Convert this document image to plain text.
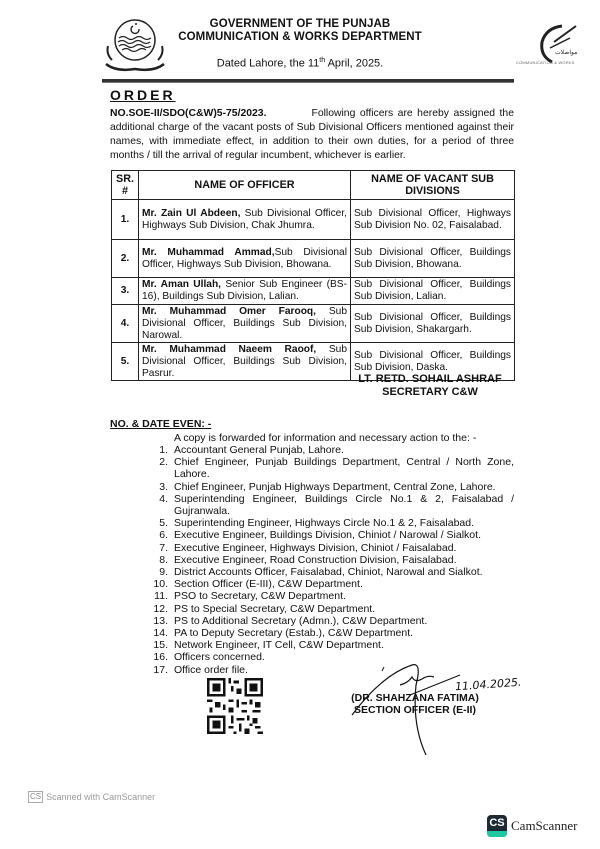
GOVERNMENT OF THE PUNJAB
COMMUNICATION & WORKS DEPARTMENT
Dated Lahore, the 11th April, 2025.
ﻣﻮاﺻﻼت
COMMUNICATION & WORKS
ORDER
NO.SOE-II/SDO(C&W)5-75/2023.	Following officers are hereby assigned the additional charge of the vacant posts of Sub Divisional Officers mentioned against their names, with immediate effect, in addition to their own duties, for a period of three months / till the arrival of regular incumbent, whichever is earlier.
SR. #	NAME OF OFFICER	NAME OF VACANT SUB DIVISIONS
1.	Mr. Zain Ul Abdeen, Sub Divisional Officer, Highways Sub Division, Chak Jhumra.	Sub Divisional Officer, Highways Sub Division No. 02, Faisalabad.
2.	Mr. Muhammad Ammad,Sub Divisional Officer, Highways Sub Division, Bhowana.	Sub Divisional Officer, Buildings Sub Division, Bhowana.
3.	Mr. Aman Ullah, Senior Sub Engineer (BS-16), Buildings Sub Division, Lalian.	Sub Divisional Officer, Buildings Sub Division, Lalian.
4.	Mr. Muhammad Omer Farooq, Sub Divisional Officer, Buildings Sub Division, Narowal.	Sub Divisional Officer, Buildings Sub Division, Shakargarh.
5.	Mr. Muhammad Naeem Raoof, Sub Divisional Officer, Buildings Sub Division, Pasrur.	Sub Divisional Officer, Buildings Sub Division, Daska.
LT. RETD. SOHAIL ASHRAF
SECRETARY C&W
NO. & DATE EVEN: -
A copy is forwarded for information and necessary action to the: -
1. Accountant General Punjab, Lahore.
2. Chief Engineer, Punjab Buildings Department, Central / North Zone, Lahore.
3. Chief Engineer, Punjab Highways Department, Central Zone, Lahore.
4. Superintending Engineer, Buildings Circle No.1 & 2, Faisalabad / Gujranwala.
5. Superintending Engineer, Highways Circle No.1 & 2, Faisalabad.
6. Executive Engineer, Buildings Division, Chiniot / Narowal / Sialkot.
7. Executive Engineer, Highways Division, Chiniot / Faisalabad.
8. Executive Engineer, Road Construction Division, Faisalabad.
9. District Accounts Officer, Faisalabad, Chiniot, Narowal and Sialkot.
10. Section Officer (E-III), C&W Department.
11. PSO to Secretary, C&W Department.
12. PS to Special Secretary, C&W Department.
13. PS to Additional Secretary (Admn.), C&W Department.
14. PA to Deputy Secretary (Estab.), C&W Department.
15. Network Engineer, IT Cell, C&W Department.
16. Officers concerned.
17. Office order file.
11.04.2025.
(DR. SHAHZANA FATIMA)
SECTION OFFICER (E-II)
CS Scanned with CamScanner
CS CamScanner
